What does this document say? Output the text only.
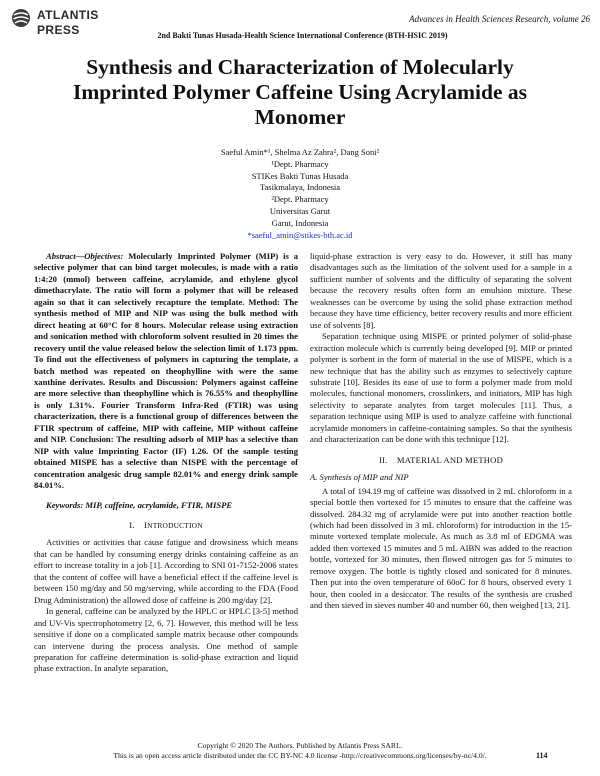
ATLANTIS
PRESS
Advances in Health Sciences Research, volume 26
2nd Bakti Tunas Husada-Health Science International Conference (BTH-HSIC 2019)
Synthesis and Characterization of Molecularly Imprinted Polymer Caffeine Using Acrylamide as Monomer
Saeful Amin*¹, Shelma Az Zahra², Dang Soni²
¹Dept. Pharmacy
STIKes Bakti Tunas Husada
Tasikmalaya, Indonesia
²Dept. Pharmacy
Universitas Garut
Garut, Indonesia
*saeful_amin@stikes-bth.ac.id

Abstract—Objectives: Molecularly Imprinted Polymer (MIP) is a selective polymer that can bind target molecules, is made with a ratio 1:4:20 (mmol) between caffeine, acrylamide, and ethylene glycol dimethacrylate. The ratio will form a polymer that will be released again so that it can selectively recapture the template. Method: The synthesis method of MIP and NIP was using the bulk method with direct heating at 60°C for 8 hours. Molecular release using extraction and sonication method with chloroform solvent resulted in 20 times the recovery until the value released below the selection limit of 1.173 ppm. To find out the effectiveness of polymers in capturing the template, a batch method was repeated on theophylline with were the same xanthine derivates. Results and Discussion: Polymers against caffeine are more selective than theophylline which is 76.55% and theophylline is only 1.31%. Fourier Transform Infra-Red (FTIR) was using characterization, there is a functional group of differences between the FTIR spectrum of caffeine, MIP with caffeine, MIP without caffeine and NIP. Conclusion: The resulting adsorb of MIP has a selective than NIP with value Imprinting Factor (IF) 1.26. Of the sample testing obtained MISPE has a selective than NISPE with the percentage of concentration analgesic drug sample 82.01% and energy drink sample 84.01%.

Keywords: MIP, caffeine, acrylamide, FTIR, MISPE

I. INTRODUCTION

Activities or activities that cause fatigue and drowsiness which means that can be handled by consuming energy drinks containing caffeine as an effort to increase totality in a job [1]. According to SNI 01-7152-2006 states that the content of coffee will have a beneficial effect if the caffeine level is between 150 mg/day and 50 mg/serving, while according to the FDA (Food Drug Administration) the allowed dose of caffeine is 200 mg/day [2].

In general, caffeine can be analyzed by the HPLC or HPLC [3-5] method and UV-Vis spectrophotometry [2, 6, 7]. However, this method will be less sensitive if done on a complicated sample matrix because other compounds can intervene during the process analysis. One method of sample preparation for caffeine determination is solid-phase extraction and liquid phase extraction. In analyte separation,

liquid-phase extraction is very easy to do. However, it still has many disadvantages such as the limitation of the solvent used for a sample in a sufficient number of solvents and the difficulty of separating the solvent because the recovery results often form an emulsion mixture. These weaknesses can be overcome by using the solid phase extraction method because they have time efficiency, better recovery results and more efficient use of solvents [8].

Separation technique using MISPE or printed polymer of solid-phase extraction molecule which is currently being developed [9]. MIP or printed polymer is sorbent in the form of material in the use of MISPE, which is a new technique that has the ability such as enzymes to selectively capture substrate [10]. Besides its ease of use to form a polymer made from mold molecules, functional monomers, crosslinkers, and initiators, MIP has high selectivity to separate analytes from target molecules [11]. Thus, a separation technique using MIP is used to analyze caffeine with functional acrylamide monomers in caffeine-containing samples. So that the synthesis and characterization can be done with this technique [12].

II. MATERIAL AND METHOD

A. Synthesis of MIP and NIP

A total of 194.19 mg of caffeine was dissolved in 2 mL chloroform in a special bottle then vortexed for 15 minutes to ensure that the caffeine was dissolved. 284.32 mg of acrylamide were put into another reaction bottle (which had been dissolved in 3 mL chloroform) for introduction in the 15-minute vortexed template molecule. As much as 3.8 ml of EDGMA was added then vortexed 15 minutes and 5 mL AIBN was added to the reaction bottle, vortexed for 30 minutes, then flowed nitrogen gas for 5 minutes to remove oxygen. The bottle is tightly closed and sonicated for 8 minutes. Then put into the oven temperature of 60oC for 8 hours, observed every 1 hour, then cooled in a desiccator. The results of the synthesis are crushed and then sieved in sieves number 40 and number 60, then weighed [13, 21].

Copyright © 2020 The Authors. Published by Atlantis Press SARL.
This is an open access article distributed under the CC BY-NC 4.0 license -http://creativecommons.org/licenses/by-nc/4.0/.	114
